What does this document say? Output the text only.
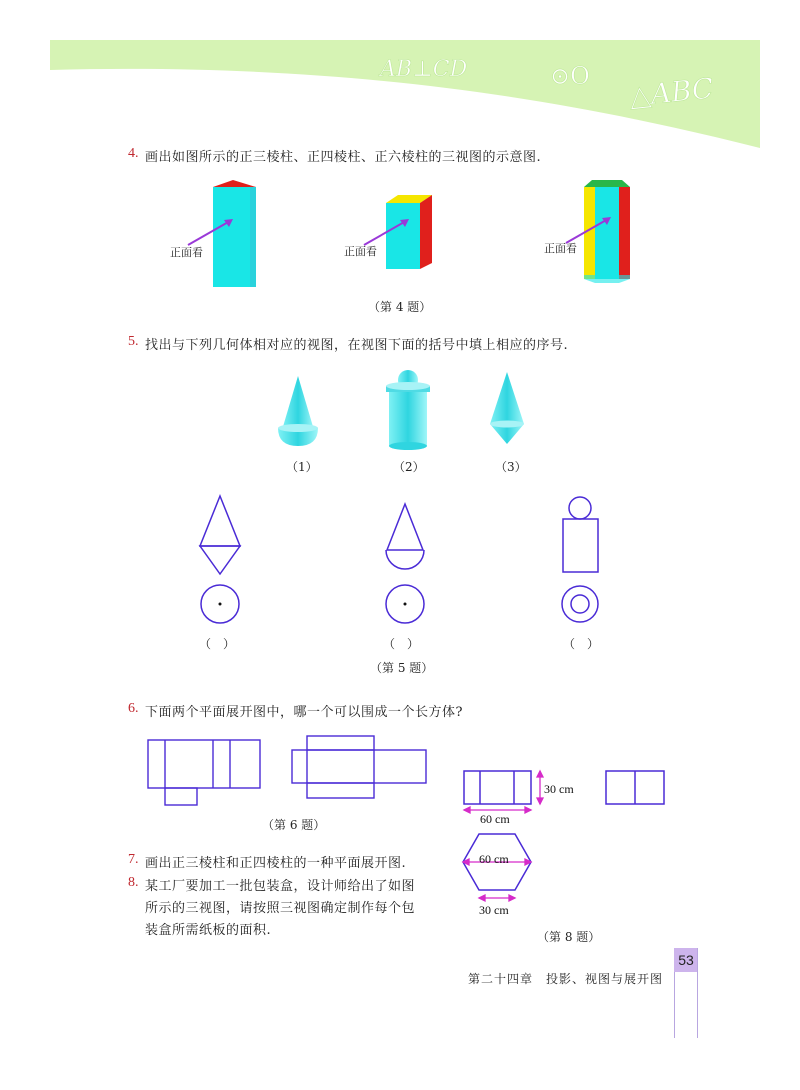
AB⊥CD	⊙O △ABC
4. 画出如图所示的正三棱柱、正四棱柱、正六棱柱的三视图的示意图.
正面看	正面看	正面看
（第 4 题）
5. 找出与下列几何体相对应的视图，在视图下面的括号中填上相应的序号.
（1）	（2）	（3）
（　）	（　）	（　）
（第 5 题）
6. 下面两个平面展开图中，哪一个可以围成一个长方体?
（第 6 题）
30 cm
60 cm
60 cm
30 cm
（第 8 题）
7. 画出正三棱柱和正四棱柱的一种平面展开图.
8. 某工厂要加工一批包装盒，设计师给出了如图
所示的三视图，请按照三视图确定制作每个包
装盒所需纸板的面积.
第二十四章　投影、视图与展开图
53
